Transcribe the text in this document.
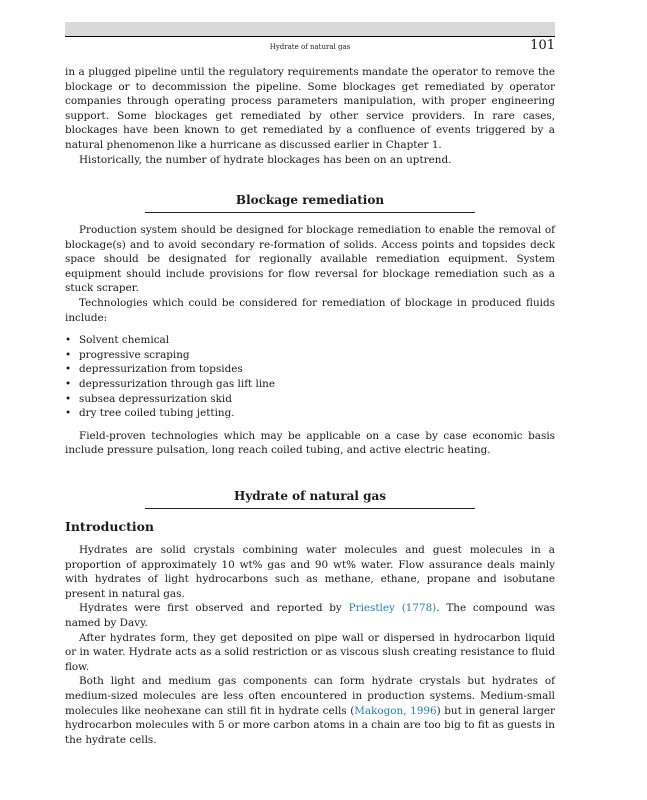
Hydrate of natural gas	101

in a plugged pipeline until the regulatory requirements mandate the operator to remove the blockage or to decommission the pipeline. Some blockages get remediated by operator companies through operating process parameters manipulation, with proper engineering support. Some blockages get remediated by other service providers. In rare cases, blockages have been known to get remediated by a confluence of events triggered by a natural phenomenon like a hurricane as discussed earlier in Chapter 1.

Historically, the number of hydrate blockages has been on an uptrend.

Blockage remediation

Production system should be designed for blockage remediation to enable the removal of blockage(s) and to avoid secondary re-formation of solids. Access points and topsides deck space should be designated for regionally available remediation equipment. System equipment should include provisions for flow reversal for blockage remediation such as a stuck scraper.

Technologies which could be considered for remediation of blockage in produced fluids include:

• Solvent chemical
• progressive scraping
• depressurization from topsides
• depressurization through gas lift line
• subsea depressurization skid
• dry tree coiled tubing jetting.

Field-proven technologies which may be applicable on a case by case economic basis include pressure pulsation, long reach coiled tubing, and active electric heating.

Hydrate of natural gas
Introduction

Hydrates are solid crystals combining water molecules and guest molecules in a proportion of approximately 10 wt% gas and 90 wt% water. Flow assurance deals mainly with hydrates of light hydrocarbons such as methane, ethane, propane and isobutane present in natural gas.

Hydrates were first observed and reported by Priestley (1778). The compound was named by Davy.

After hydrates form, they get deposited on pipe wall or dispersed in hydrocarbon liquid or in water. Hydrate acts as a solid restriction or as viscous slush creating resistance to fluid flow.

Both light and medium gas components can form hydrate crystals but hydrates of medium-sized molecules are less often encountered in production systems. Medium-small molecules like neohexane can still fit in hydrate cells (Makogon, 1996) but in general larger hydrocarbon molecules with 5 or more carbon atoms in a chain are too big to fit as guests in the hydrate cells.
